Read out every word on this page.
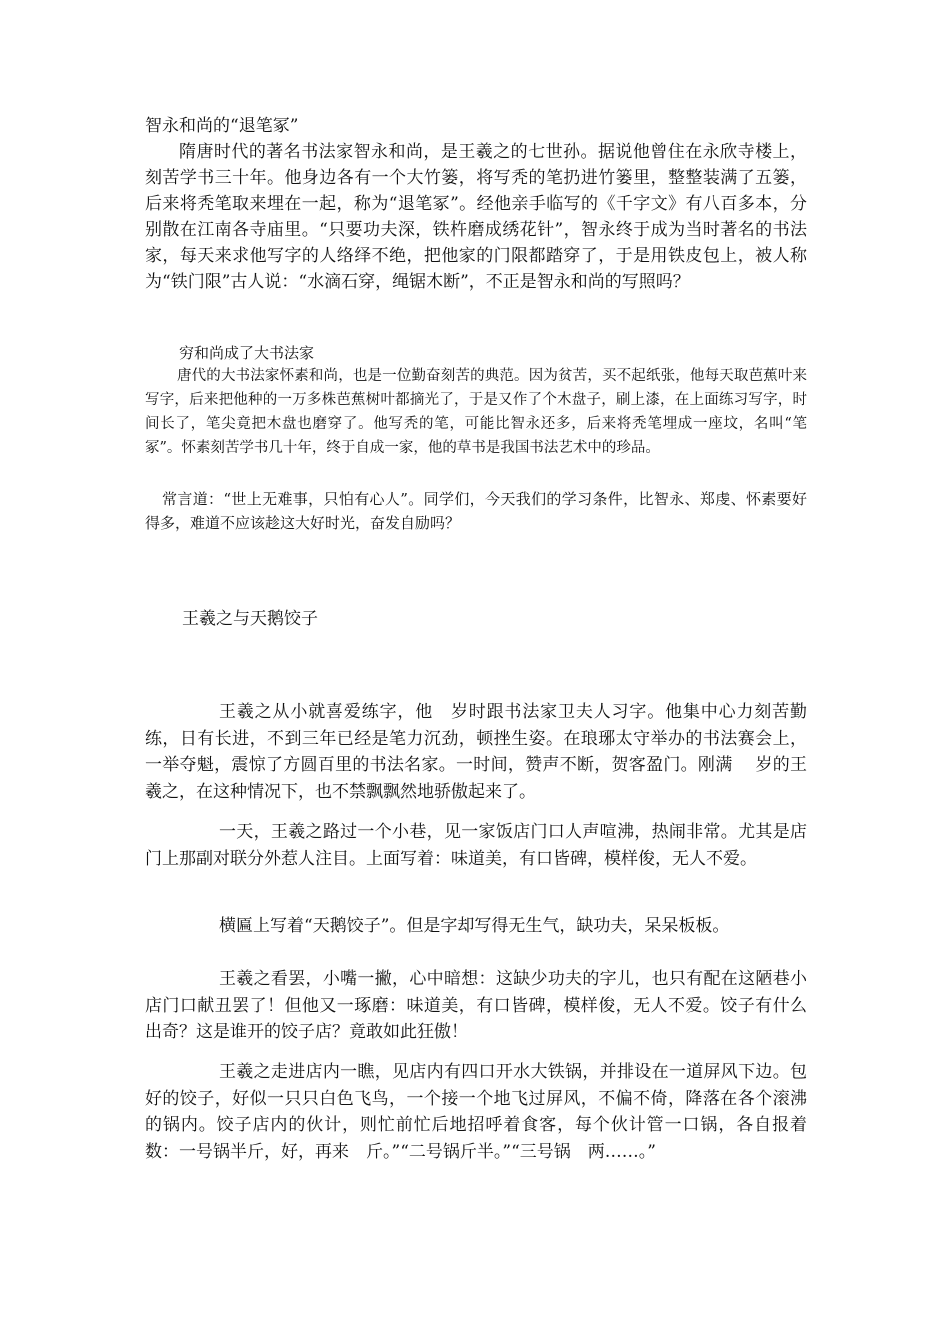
智永和尚的“退笔冢”

隋唐时代的著名书法家智永和尚，是王羲之的七世孙。据说他曾住在永欣寺楼上，刻苦学书三十年。他身边各有一个大竹篓，将写秃的笔扔进竹篓里，整整装满了五篓，后来将秃笔取来埋在一起，称为“退笔冢”。经他亲手临写的《千字文》有八百多本，分别散在江南各寺庙里。“只要功夫深，铁杵磨成绣花针”，智永终于成为当时著名的书法家，每天来求他写字的人络绎不绝，把他家的门限都踏穿了，于是用铁皮包上，被人称为“铁门限”古人说：“水滴石穿，绳锯木断”，不正是智永和尚的写照吗？

穷和尚成了大书法家

唐代的大书法家怀素和尚，也是一位勤奋刻苦的典范。因为贫苦，买不起纸张，他每天取芭蕉叶来写字，后来把他种的一万多株芭蕉树叶都摘光了，于是又作了个木盘子，刷上漆，在上面练习写字，时间长了，笔尖竟把木盘也磨穿了。他写秃的笔，可能比智永还多，后来将秃笔埋成一座坟，名叫“笔冢”。怀素刻苦学书几十年，终于自成一家，他的草书是我国书法艺术中的珍品。

常言道：“世上无难事，只怕有心人”。同学们，今天我们的学习条件，比智永、郑虔、怀素要好得多，难道不应该趁这大好时光，奋发自励吗？

王羲之与天鹅饺子

王羲之从小就喜爱练字，他　岁时跟书法家卫夫人习字。他集中心力刻苦勤练，日有长进，不到三年已经是笔力沉劲，顿挫生姿。在琅琊太守举办的书法赛会上，一举夺魁，震惊了方圆百里的书法名家。一时间，赞声不断，贺客盈门。刚满　 岁的王羲之，在这种情况下，也不禁飘飘然地骄傲起来了。

一天，王羲之路过一个小巷，见一家饭店门口人声喧沸，热闹非常。尤其是店门上那副对联分外惹人注目。上面写着：味道美，有口皆碑，模样俊，无人不爱。

横匾上写着“天鹅饺子”。但是字却写得无生气，缺功夫，呆呆板板。

王羲之看罢，小嘴一撇，心中暗想：这缺少功夫的字儿，也只有配在这陋巷小店门口献丑罢了！但他又一琢磨：味道美，有口皆碑，模样俊，无人不爱。饺子有什么出奇？这是谁开的饺子店？竟敢如此狂傲！

王羲之走进店内一瞧，见店内有四口开水大铁锅，并排设在一道屏风下边。包好的饺子，好似一只只白色飞鸟，一个接一个地飞过屏风，不偏不倚，降落在各个滚沸的锅内。饺子店内的伙计，则忙前忙后地招呼着食客，每个伙计管一口锅，各自报着数：一号锅半斤，好，再来　斤。”“二号锅斤半。”“三号锅　两……。”
